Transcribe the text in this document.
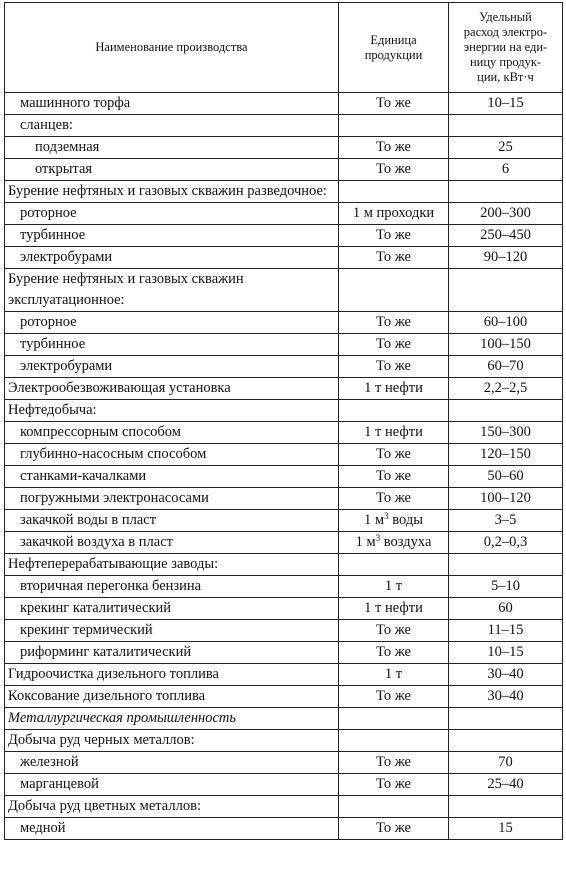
Наименование производства	Единица продукции	Удельный
расход электро-
энергии на еди-
ницу продук-
ции, кВт·ч

машинного торфа	То же	10–15
сланцев:		
подземная	То же	25
открытая	То же	6
Бурение нефтяных и газовых скважин разведочное:		
роторное	1 м проходки	200–300
турбинное	То же	250–450
электробурами	То же	90–120
Бурение нефтяных и газовых скважин эксплуатационное:		
роторное	То же	60–100
турбинное	То же	100–150
электробурами	То же	60–70
Электрообезвоживающая установка	1 т нефти	2,2–2,5
Нефтедобыча:		
компрессорным способом	1 т нефти	150–300
глубинно-насосным способом	То же	120–150
станками-качалками	То же	50–60
погружными электронасосами	То же	100–120
закачкой воды в пласт	1 $м^3$ воды	3–5
закачкой воздуха в пласт	1 $м^3$ воздуха	0,2–0,3
Нефтеперерабатывающие заводы:		
вторичная перегонка бензина	1 т	5–10
крекинг каталитический	1 т нефти	60
крекинг термический	То же	11–15
риформинг каталитический	То же	10–15
Гидроочистка дизельного топлива	1 т	30–40
Коксование дизельного топлива	То же	30–40
Металлургическая промышленность		
Добыча руд черных металлов:		
железной	То же	70
марганцевой	То же	25–40
Добыча руд цветных металлов:		
медной	То же	15
